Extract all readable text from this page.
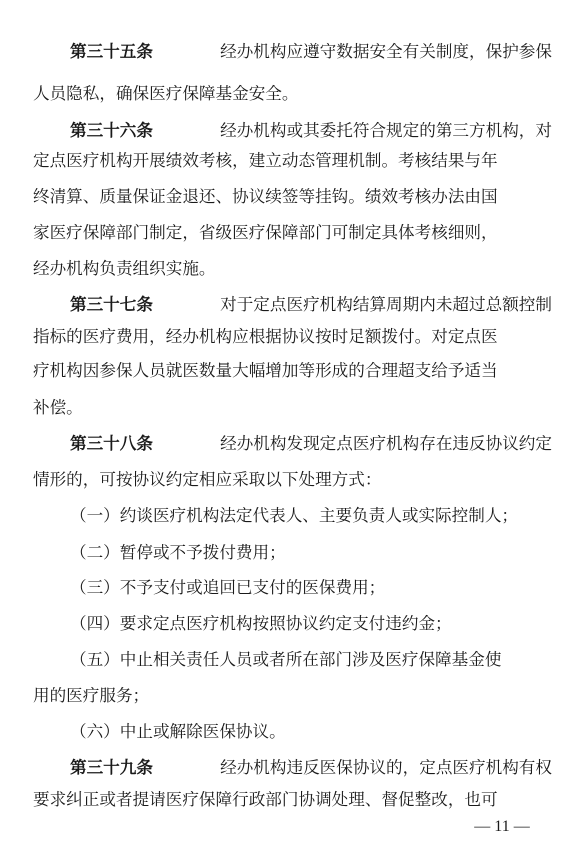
第三十五条	经办机构应遵守数据安全有关制度，保护参保
人员隐私，确保医疗保障基金安全。
第三十六条	经办机构或其委托符合规定的第三方机构，对
定点医疗机构开展绩效考核，建立动态管理机制。考核结果与年
终清算、质量保证金退还、协议续签等挂钩。绩效考核办法由国
家医疗保障部门制定，省级医疗保障部门可制定具体考核细则，
经办机构负责组织实施。
第三十七条	对于定点医疗机构结算周期内未超过总额控制
指标的医疗费用，经办机构应根据协议按时足额拨付。对定点医
疗机构因参保人员就医数量大幅增加等形成的合理超支给予适当
补偿。
第三十八条	经办机构发现定点医疗机构存在违反协议约定
情形的，可按协议约定相应采取以下处理方式：
（一）约谈医疗机构法定代表人、主要负责人或实际控制人；
（二）暂停或不予拨付费用；
（三）不予支付或追回已支付的医保费用；
（四）要求定点医疗机构按照协议约定支付违约金；
（五）中止相关责任人员或者所在部门涉及医疗保障基金使
用的医疗服务；
（六）中止或解除医保协议。
第三十九条	经办机构违反医保协议的，定点医疗机构有权
要求纠正或者提请医疗保障行政部门协调处理、督促整改，也可
— 11 —
